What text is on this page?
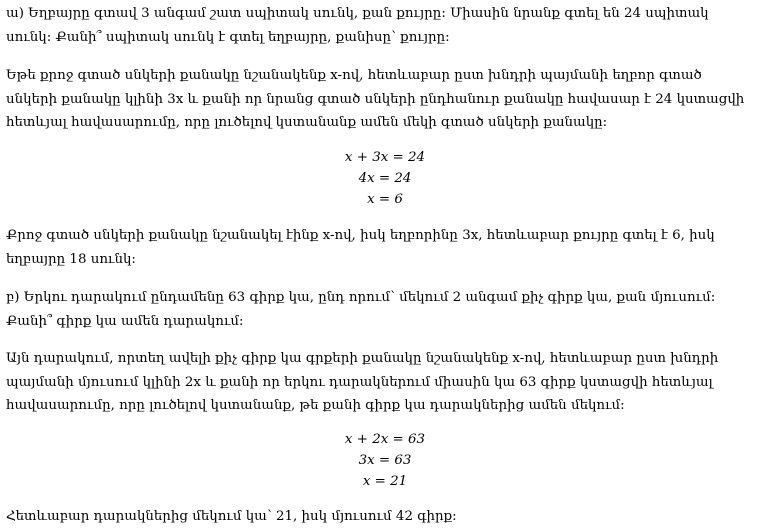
ա) Եղբայրը գտավ 3 անգամ շատ սպիտակ սունկ, քան քույրը: Միասին նրանք գտել են 24 սպիտակ
սունկ: Քանի՞ սպիտակ սունկ է գտել եղբայրը, քանիսը՝ քույրը:
Եթե քրոջ գտած սնկերի քանակը նշանակենք x-ով, հետևաբար ըստ խնդրի պայմանի եղբոր գտած
սնկերի քանակը կլինի 3x և քանի որ նրանց գտած սնկերի ընդհանուր քանակը հավասար է 24 կստացվի
հետևյալ հավասարումը, որը լուծելով կստանանք ամեն մեկի գտած սնկերի քանակը:
x + 3x = 24
4x = 24
x = 6
Քրոջ գտած սնկերի քանակը նշանակել էինք x-ով, իսկ եղբորինը 3x, հետևաբար քույրը գտել է 6, իսկ
եղբայրը 18 սունկ:
բ) Երկու դարակում ընդամենը 63 գիրք կա, ընդ որում՝ մեկում 2 անգամ քիչ գիրք կա, քան մյուսում:
Քանի՞ գիրք կա ամեն դարակում:
Այն դարակում, որտեղ ավելի քիչ գիրք կա գրքերի քանակը նշանակենք x-ով, հետևաբար ըստ խնդրի
պայմանի մյուսում կլինի 2x և քանի որ երկու դարակներում միասին կա 63 գիրք կստացվի հետևյալ
հավասարումը, որը լուծելով կստանանք, թե քանի գիրք կա դարակներից ամեն մեկում:
x + 2x = 63
3x = 63
x = 21
Հետևաբար դարակներից մեկում կա՝ 21, իսկ մյուսում 42 գիրք:
